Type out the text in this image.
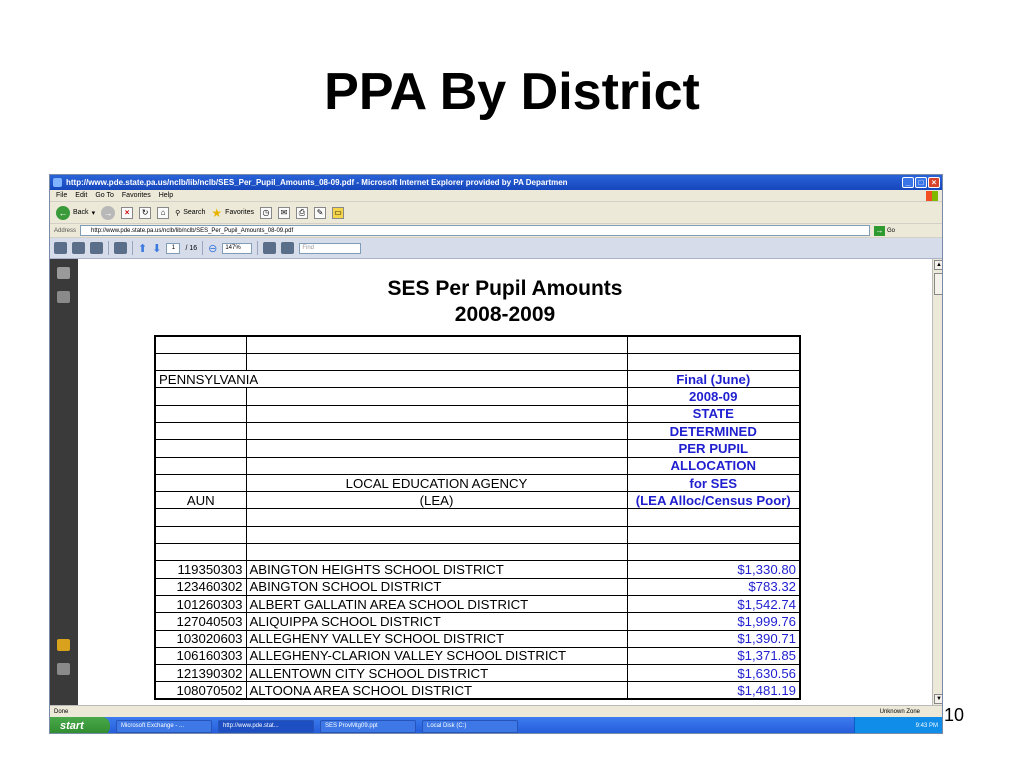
PPA By District
http://www.pde.state.pa.us/nclb/lib/nclb/SES_Per_Pupil_Amounts_08-09.pdf - Microsoft Internet Explorer provided by PA Departmen	_	□	×
File Edit Go To Favorites Help
← Back ▾ →	×	↻	⌂	⚲ Search ★ Favorites	◷	✉	⎙	✎	▭
Address	http://www.pde.state.pa.us/nclb/lib/nclb/SES_Per_Pupil_Amounts_08-09.pdf	→ Go
⬆ ⬇	1	/ 16 ⊖	147%	Find
SES Per Pupil Amounts
2008-2009

PENNSYLVANIA		Final (June)
		2008-09
		STATE
		DETERMINED
		PER PUPIL
		ALLOCATION
	LOCAL EDUCATION AGENCY	for SES
AUN	(LEA)	(LEA Alloc/Census Poor)

119350303	ABINGTON HEIGHTS SCHOOL DISTRICT	$1,330.80
123460302	ABINGTON SCHOOL DISTRICT	$783.32
101260303	ALBERT GALLATIN AREA SCHOOL DISTRICT	$1,542.74
127040503	ALIQUIPPA SCHOOL DISTRICT	$1,999.76
103020603	ALLEGHENY VALLEY SCHOOL DISTRICT	$1,390.71
106160303	ALLEGHENY-CLARION VALLEY SCHOOL DISTRICT	$1,371.85
121390302	ALLENTOWN CITY SCHOOL DISTRICT	$1,630.56
108070502	ALTOONA AREA SCHOOL DISTRICT	$1,481.19
▲
▼
Done	Unknown Zone
start	Microsoft Exchange - ...	http://www.pde.stat...	SES ProvMtg09.ppt	Local Disk (C:)	9:43 PM
10
